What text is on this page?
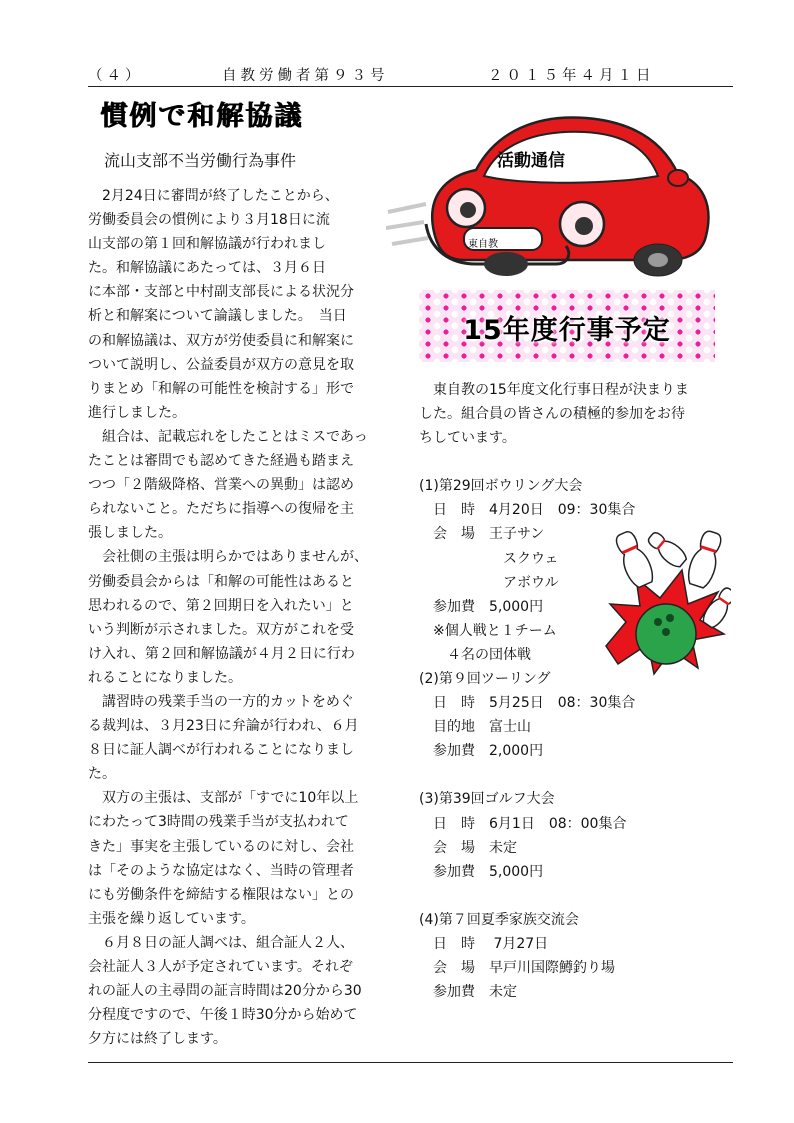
（４）	自教労働者第９３号	２０１５年４月１日
慣例で和解協議
流山支部不当労働行為事件

2月24日に審問が終了したことから、
労働委員会の慣例により３月18日に流
山支部の第１回和解協議が行われまし
た。和解協議にあたっては、３月６日
に本部・支部と中村副支部長による状況分
析と和解案について論議しました。　当日
の和解協議は、双方が労使委員に和解案に
ついて説明し、公益委員が双方の意見を取
りまとめ「和解の可能性を検討する」形で
進行しました。

組合は、記載忘れをしたことはミスであっ
たことは審問でも認めてきた経過も踏まえ
つつ「２階級降格、営業への異動」は認め
られないこと。ただちに指導への復帰を主
張しました。

会社側の主張は明らかではありませんが、
労働委員会からは「和解の可能性はあると
思われるので、第２回期日を入れたい」と
いう判断が示されました。双方がこれを受
け入れ、第２回和解協議が４月２日に行わ
れることになりました。

講習時の残業手当の一方的カットをめぐ
る裁判は、３月23日に弁論が行われ、６月
８日に証人調べが行われることになりまし
た。

双方の主張は、支部が「すでに10年以上
にわたって3時間の残業手当が支払われて
きた」事実を主張しているのに対し、会社
は「そのような協定はなく、当時の管理者
にも労働条件を締結する権限はない」との
主張を繰り返しています。

６月８日の証人調べは、組合証人２人、
会社証人３人が予定されています。それぞ
れの証人の主尋問の証言時間は20分から30
分程度ですので、午後１時30分から始めて
夕方には終了します。

活動通信
東自教
15年度行事予定

東自教の15年度文化行事日程が決まりま
した。組合員の皆さんの積極的参加をお待
ちしています。

(1)第29回ボウリング大会
　日　時　4月20日　09：30集合
　会　場　王子サン
　　　　　　スクウェ
　　　　　　アボウル
　参加費　5,000円
　※個人戦と１チーム
　　４名の団体戦

(2)第９回ツーリング
　日　時　5月25日　08：30集合
　目的地　富士山
　参加費　2,000円

(3)第39回ゴルフ大会
　日　時　6月1日　08：00集合
　会　場　未定
　参加費　5,000円

(4)第７回夏季家族交流会
　日　時　 7月27日
　会　場　早戸川国際鱒釣り場
　参加費　未定
